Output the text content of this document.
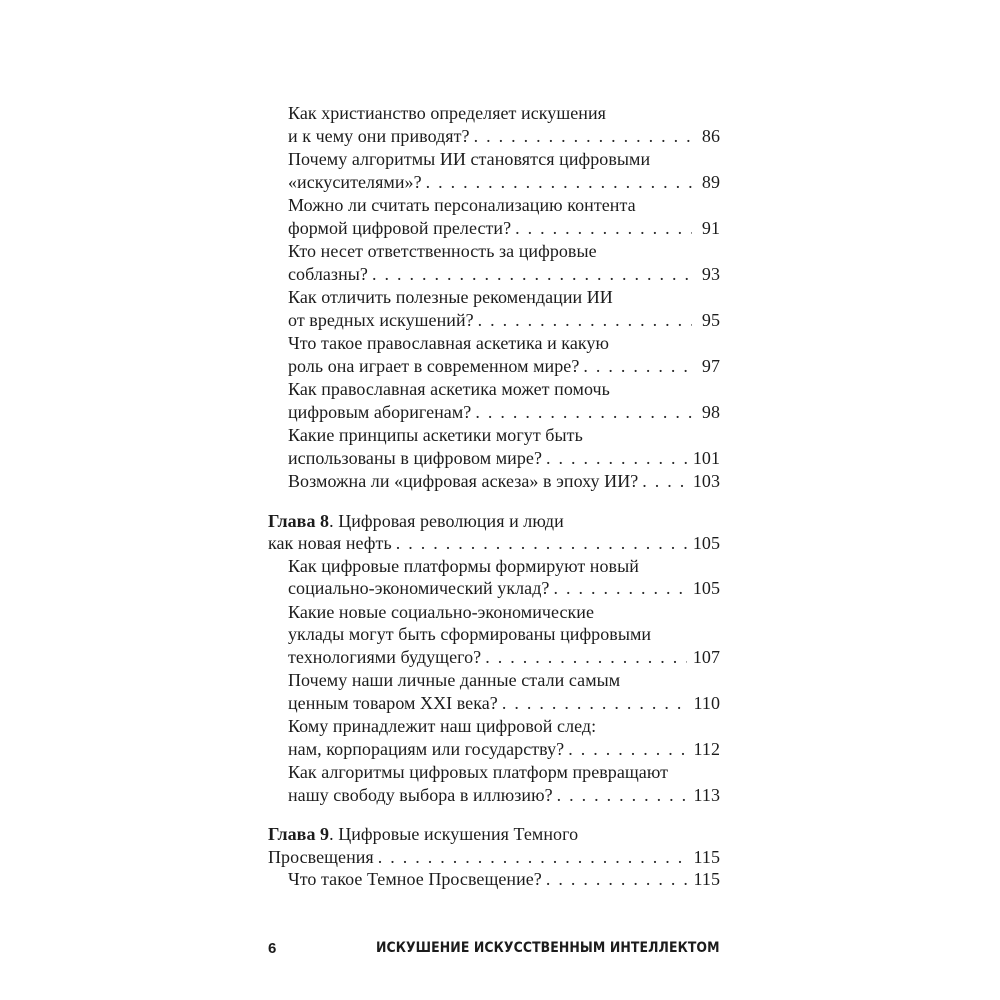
Как христианство определяет искушения
и к чему они приводят? . . .	86
Почему алгоритмы ИИ становятся цифровыми
«искусителями»? . . .	89
Можно ли считать персонализацию контента
формой цифровой прелести? . . .	91
Кто несет ответственность за цифровые
соблазны? . . .	93
Как отличить полезные рекомендации ИИ
от вредных искушений? . . .	95
Что такое православная аскетика и какую
роль она играет в современном мире? . . .	97
Как православная аскетика может помочь
цифровым аборигенам? . . .	98
Какие принципы аскетики могут быть
использованы в цифровом мире? . . .	101
Возможна ли «цифровая аскеза» в эпоху ИИ? . . .	103
Глава 8. Цифровая революция и люди
как новая нефть . . .	105
Как цифровые платформы формируют новый
социально-экономический уклад? . . .	105
Какие новые социально-экономические
уклады могут быть сформированы цифровыми
технологиями будущего? . . .	107
Почему наши личные данные стали самым
ценным товаром XXI века? . . .	110
Кому принадлежит наш цифровой след:
нам, корпорациям или государству? . . .	112
Как алгоритмы цифровых платформ превращают
нашу свободу выбора в иллюзию? . . .	113
Глава 9. Цифровые искушения Темного
Просвещения . . .	115
Что такое Темное Просвещение? . . .	115
6	ИСКУШЕНИЕ ИСКУССТВЕННЫМ ИНТЕЛЛЕКТОМ
